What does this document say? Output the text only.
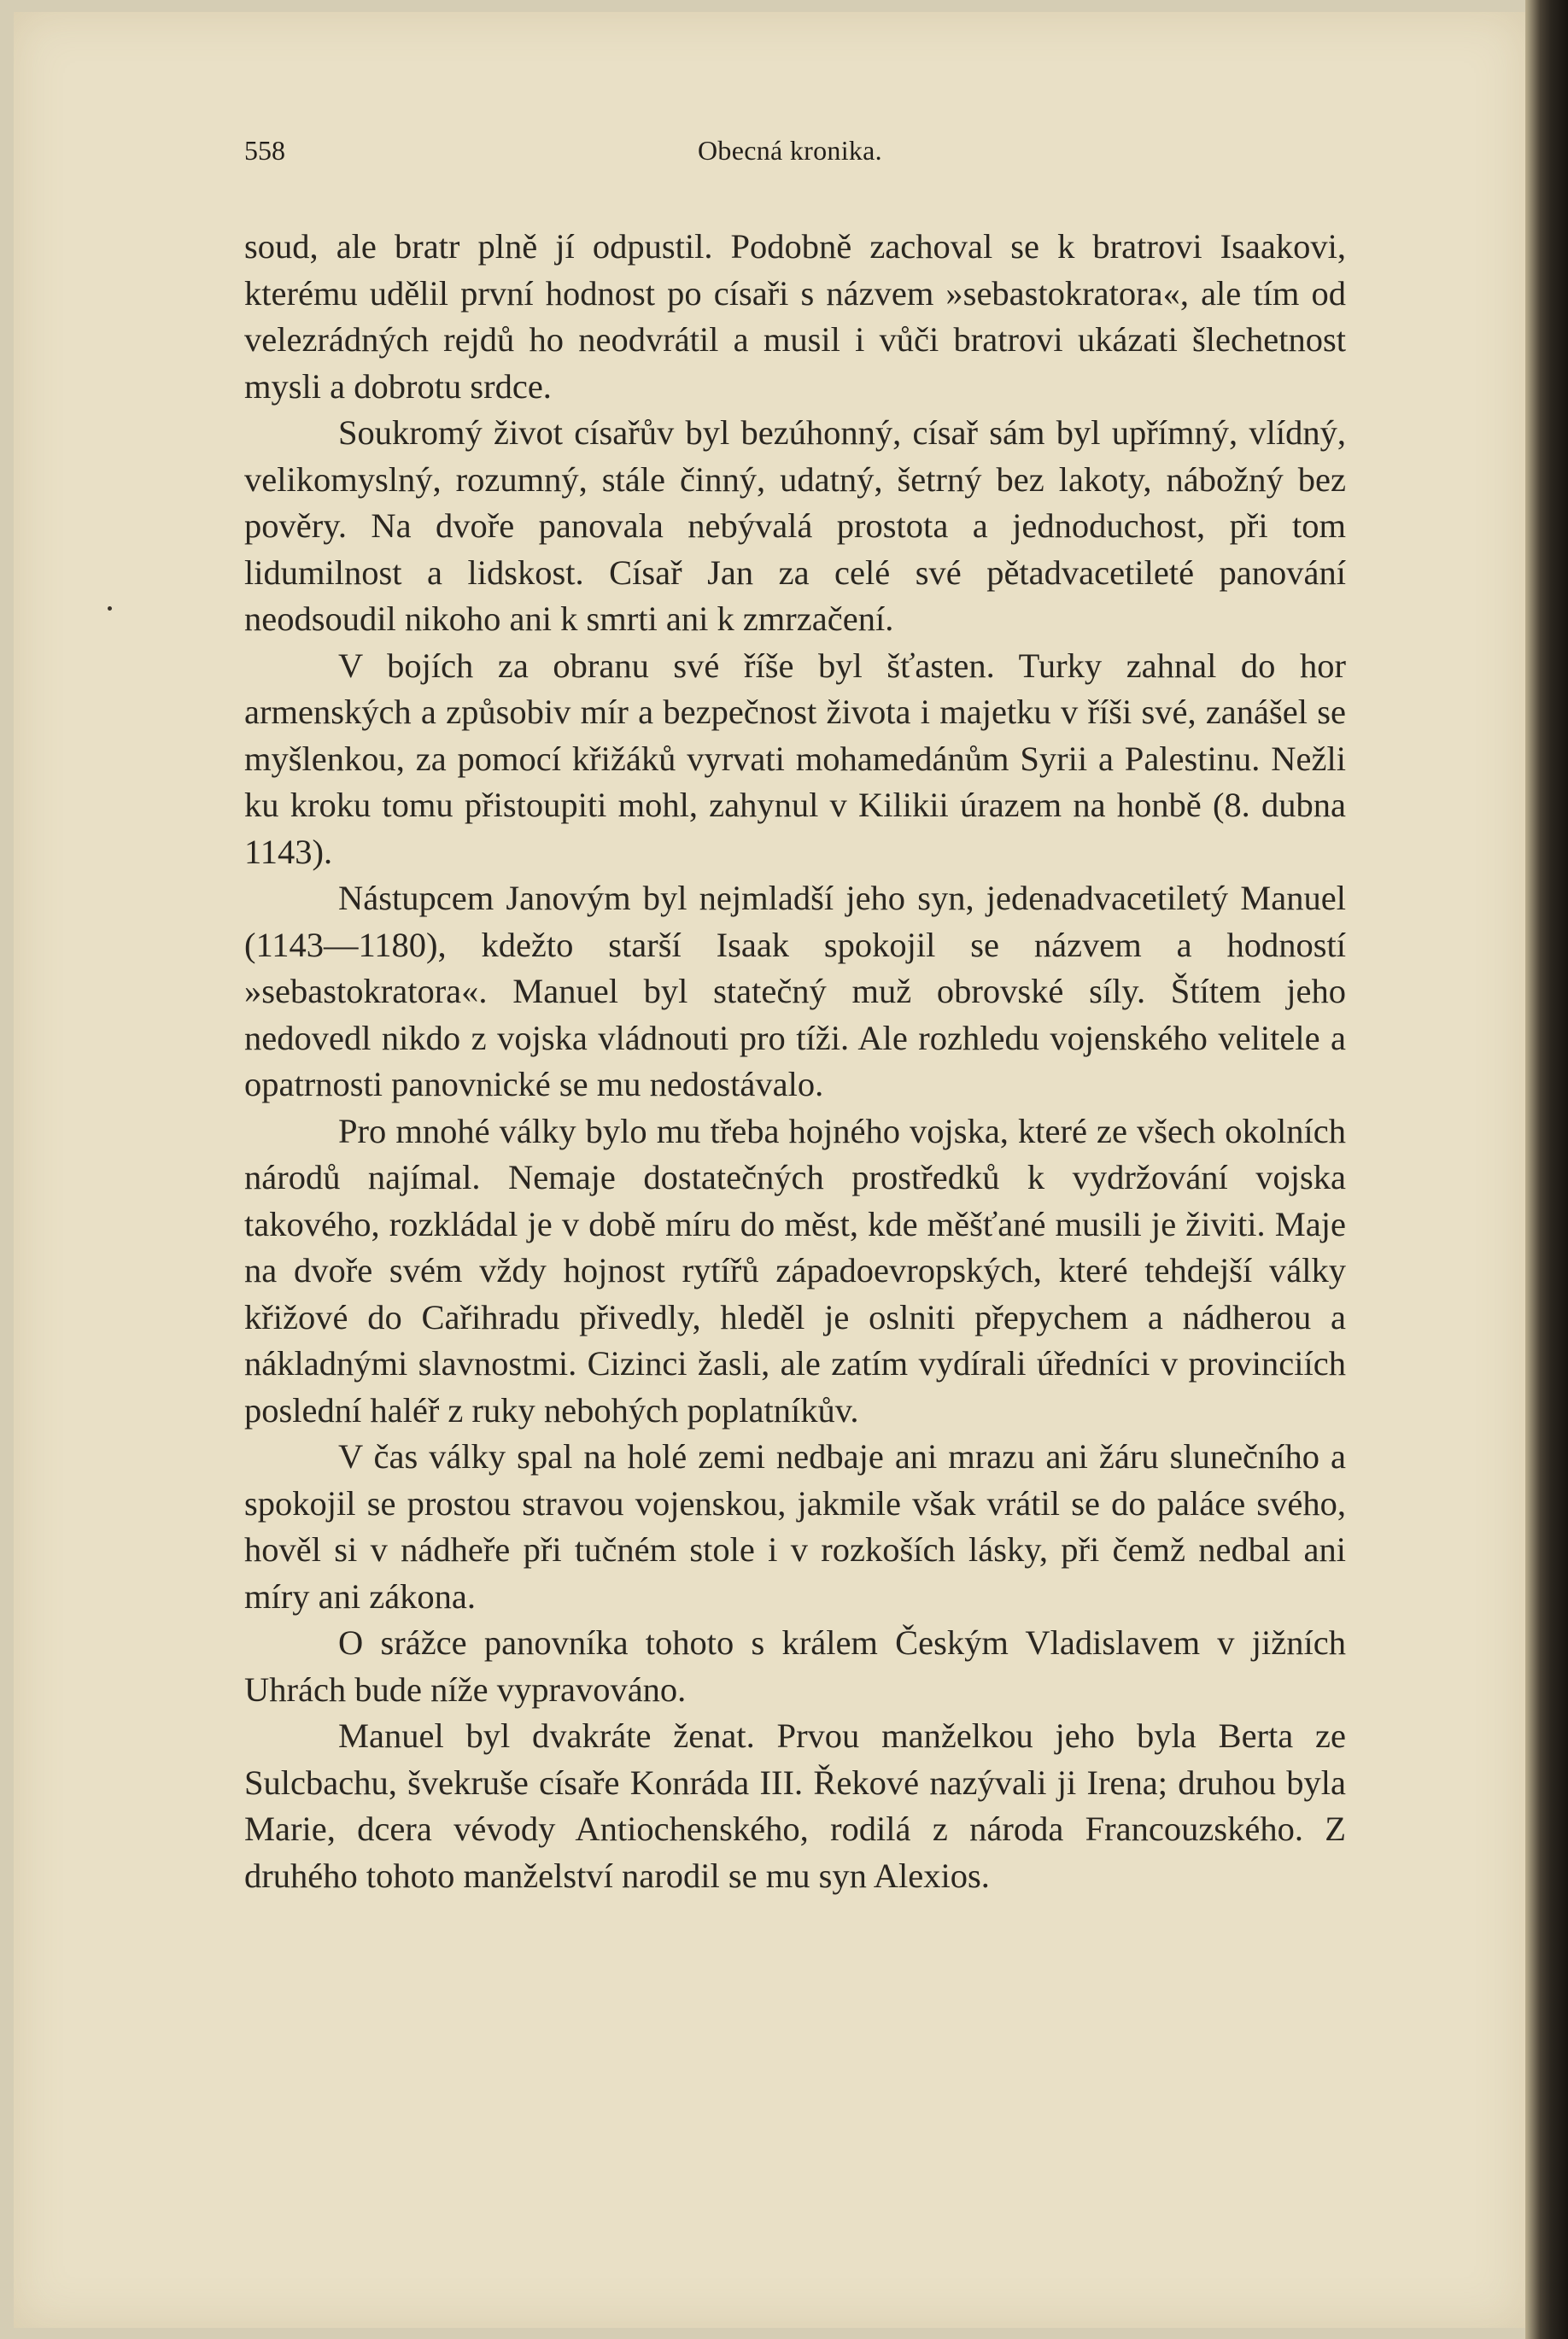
558	Obecná kronika.

soud, ale bratr plně jí odpustil. Podobně zachoval se k bratrovi Isaakovi, kterému udělil první hodnost po císaři s názvem »sebastokratora«, ale tím od velezrádných rejdů ho neodvrátil a musil i vůči bratrovi ukázati šlechetnost mysli a dobrotu srdce.

Soukromý život císařův byl bezúhonný, císař sám byl upřímný, vlídný, velikomyslný, rozumný, stále činný, udatný, šetrný bez lakoty, nábožný bez pověry. Na dvoře panovala nebývalá prostota a jednoduchost, při tom lidumilnost a lidskost. Císař Jan za celé své pětadvacetileté panování neodsoudil nikoho ani k smrti ani k zmrzačení.

V bojích za obranu své říše byl šťasten. Turky zahnal do hor armenských a způsobiv mír a bezpečnost života i majetku v říši své, zanášel se myšlenkou, za pomocí křižáků vyrvati mohamedánům Syrii a Palestinu. Nežli ku kroku tomu přistoupiti mohl, zahynul v Kilikii úrazem na honbě (8. dubna 1143).

Nástupcem Janovým byl nejmladší jeho syn, jedenadvacetiletý Manuel (1143—1180), kdežto starší Isaak spokojil se názvem a hodností »sebastokratora«. Manuel byl statečný muž obrovské síly. Štítem jeho nedovedl nikdo z vojska vládnouti pro tíži. Ale rozhledu vojenského velitele a opatrnosti panovnické se mu nedostávalo.

Pro mnohé války bylo mu třeba hojného vojska, které ze všech okolních národů najímal. Nemaje dostatečných prostředků k vydržování vojska takového, rozkládal je v době míru do měst, kde měšťané musili je živiti. Maje na dvoře svém vždy hojnost rytířů západoevropských, které tehdejší války křižové do Cařihradu přivedly, hleděl je oslniti přepychem a nádherou a nákladnými slavnostmi. Cizinci žasli, ale zatím vydírali úředníci v provinciích poslední haléř z ruky nebohých poplatníkův.

V čas války spal na holé zemi nedbaje ani mrazu ani žáru slunečního a spokojil se prostou stravou vojenskou, jakmile však vrátil se do paláce svého, hověl si v nádheře při tučném stole i v rozkoších lásky, při čemž nedbal ani míry ani zákona.

O srážce panovníka tohoto s králem Českým Vladislavem v jižních Uhrách bude níže vypravováno.

Manuel byl dvakráte ženat. Prvou manželkou jeho byla Berta ze Sulcbachu, švekruše císaře Konráda III. Řekové nazývali ji Irena; druhou byla Marie, dcera vévody Antiochenského, rodilá z národa Francouzského. Z druhého tohoto manželství narodil se mu syn Alexios.
